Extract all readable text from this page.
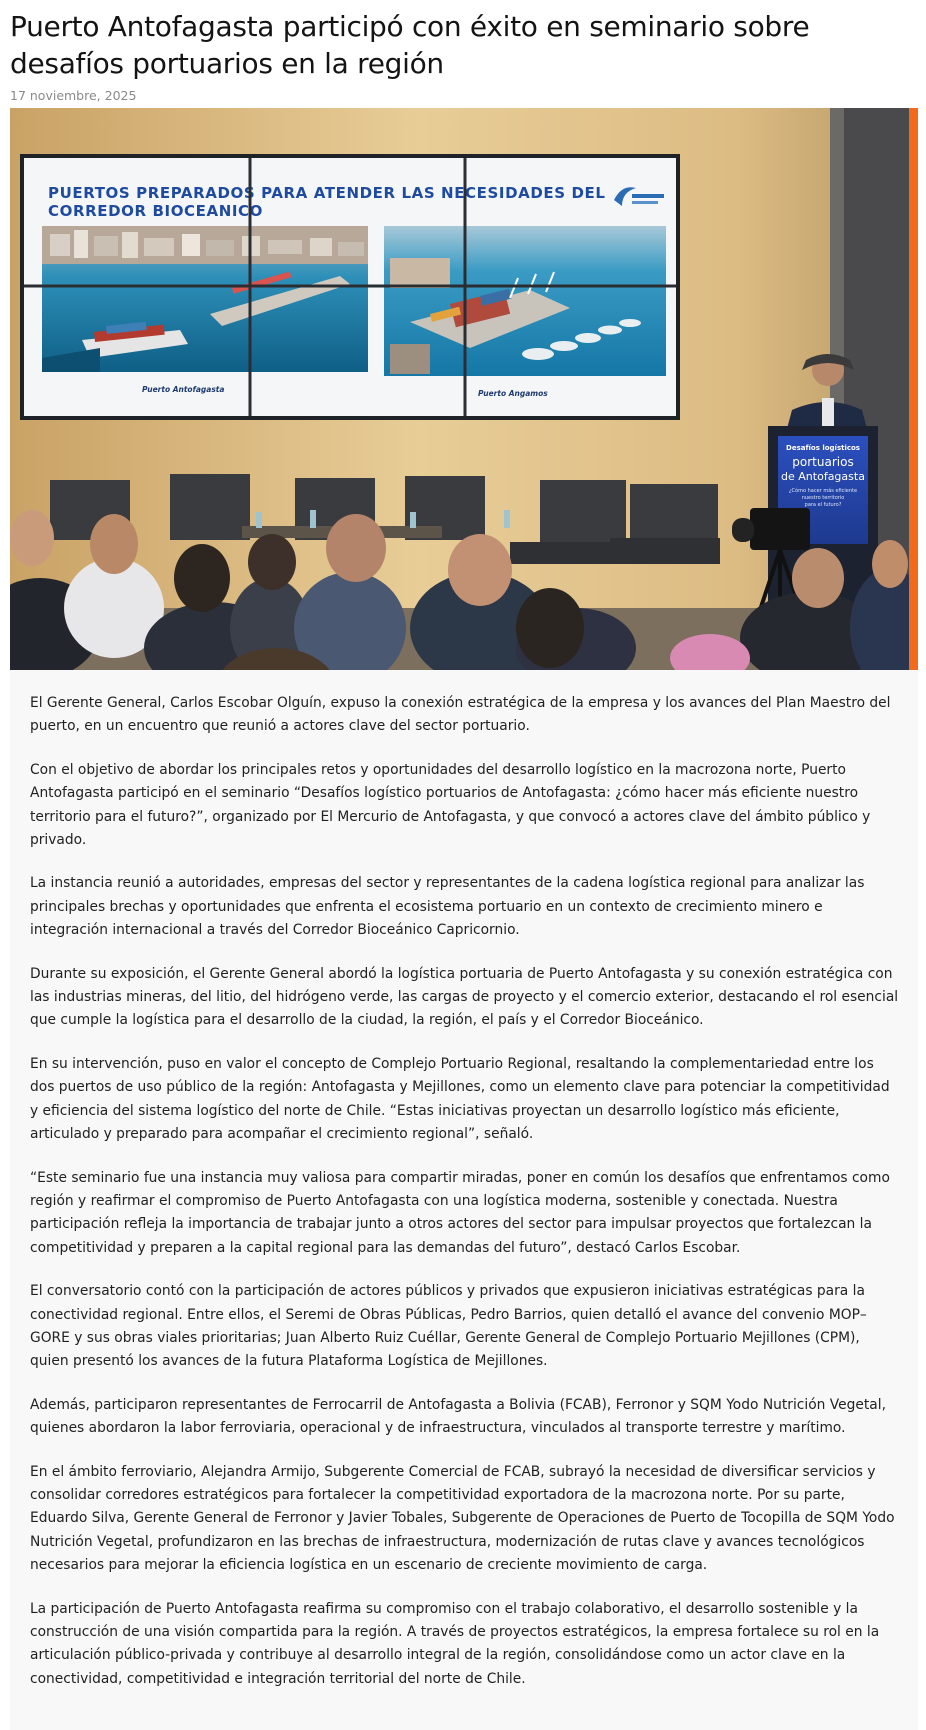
Puerto Antofagasta participó con éxito en seminario sobre desafíos portuarios en la región
17 noviembre, 2025
PUERTOS PREPARADOS PARA ATENDER LAS NECESIDADES DEL
CORREDOR BIOCEANICO
Puerto Antofagasta	Puerto Angamos
Desafíos logísticos
portuarios
de Antofagasta
¿Cómo hacer más eficiente
nuestro territorio
para el futuro?

El Gerente General, Carlos Escobar Olguín, expuso la conexión estratégica de la empresa y los avances del Plan Maestro del puerto, en un encuentro que reunió a actores clave del sector portuario.

Con el objetivo de abordar los principales retos y oportunidades del desarrollo logístico en la macrozona norte, Puerto Antofagasta participó en el seminario “Desafíos logístico portuarios de Antofagasta: ¿cómo hacer más eficiente nuestro territorio para el futuro?”, organizado por El Mercurio de Antofagasta, y que convocó a actores clave del ámbito público y privado.

La instancia reunió a autoridades, empresas del sector y representantes de la cadena logística regional para analizar las principales brechas y oportunidades que enfrenta el ecosistema portuario en un contexto de crecimiento minero e integración internacional a través del Corredor Bioceánico Capricornio.

Durante su exposición, el Gerente General abordó la logística portuaria de Puerto Antofagasta y su conexión estratégica con las industrias mineras, del litio, del hidrógeno verde, las cargas de proyecto y el comercio exterior, destacando el rol esencial que cumple la logística para el desarrollo de la ciudad, la región, el país y el Corredor Bioceánico.

En su intervención, puso en valor el concepto de Complejo Portuario Regional, resaltando la complementariedad entre los dos puertos de uso público de la región: Antofagasta y Mejillones, como un elemento clave para potenciar la competitividad y eficiencia del sistema logístico del norte de Chile. “Estas iniciativas proyectan un desarrollo logístico más eficiente, articulado y preparado para acompañar el crecimiento regional”, señaló.

“Este seminario fue una instancia muy valiosa para compartir miradas, poner en común los desafíos que enfrentamos como región y reafirmar el compromiso de Puerto Antofagasta con una logística moderna, sostenible y conectada. Nuestra participación refleja la importancia de trabajar junto a otros actores del sector para impulsar proyectos que fortalezcan la competitividad y preparen a la capital regional para las demandas del futuro”, destacó Carlos Escobar.

El conversatorio contó con la participación de actores públicos y privados que expusieron iniciativas estratégicas para la conectividad regional. Entre ellos, el Seremi de Obras Públicas, Pedro Barrios, quien detalló el avance del convenio MOP–GORE y sus obras viales prioritarias; Juan Alberto Ruiz Cuéllar, Gerente General de Complejo Portuario Mejillones (CPM), quien presentó los avances de la futura Plataforma Logística de Mejillones.

Además, participaron representantes de Ferrocarril de Antofagasta a Bolivia (FCAB), Ferronor y SQM Yodo Nutrición Vegetal, quienes abordaron la labor ferroviaria, operacional y de infraestructura, vinculados al transporte terrestre y marítimo.

En el ámbito ferroviario, Alejandra Armijo, Subgerente Comercial de FCAB, subrayó la necesidad de diversificar servicios y consolidar corredores estratégicos para fortalecer la competitividad exportadora de la macrozona norte. Por su parte, Eduardo Silva, Gerente General de Ferronor y Javier Tobales, Subgerente de Operaciones de Puerto de Tocopilla de SQM Yodo Nutrición Vegetal, profundizaron en las brechas de infraestructura, modernización de rutas clave y avances tecnológicos necesarios para mejorar la eficiencia logística en un escenario de creciente movimiento de carga.

La participación de Puerto Antofagasta reafirma su compromiso con el trabajo colaborativo, el desarrollo sostenible y la construcción de una visión compartida para la región. A través de proyectos estratégicos, la empresa fortalece su rol en la articulación público-privada y contribuye al desarrollo integral de la región, consolidándose como un actor clave en la conectividad, competitividad e integración territorial del norte de Chile.
